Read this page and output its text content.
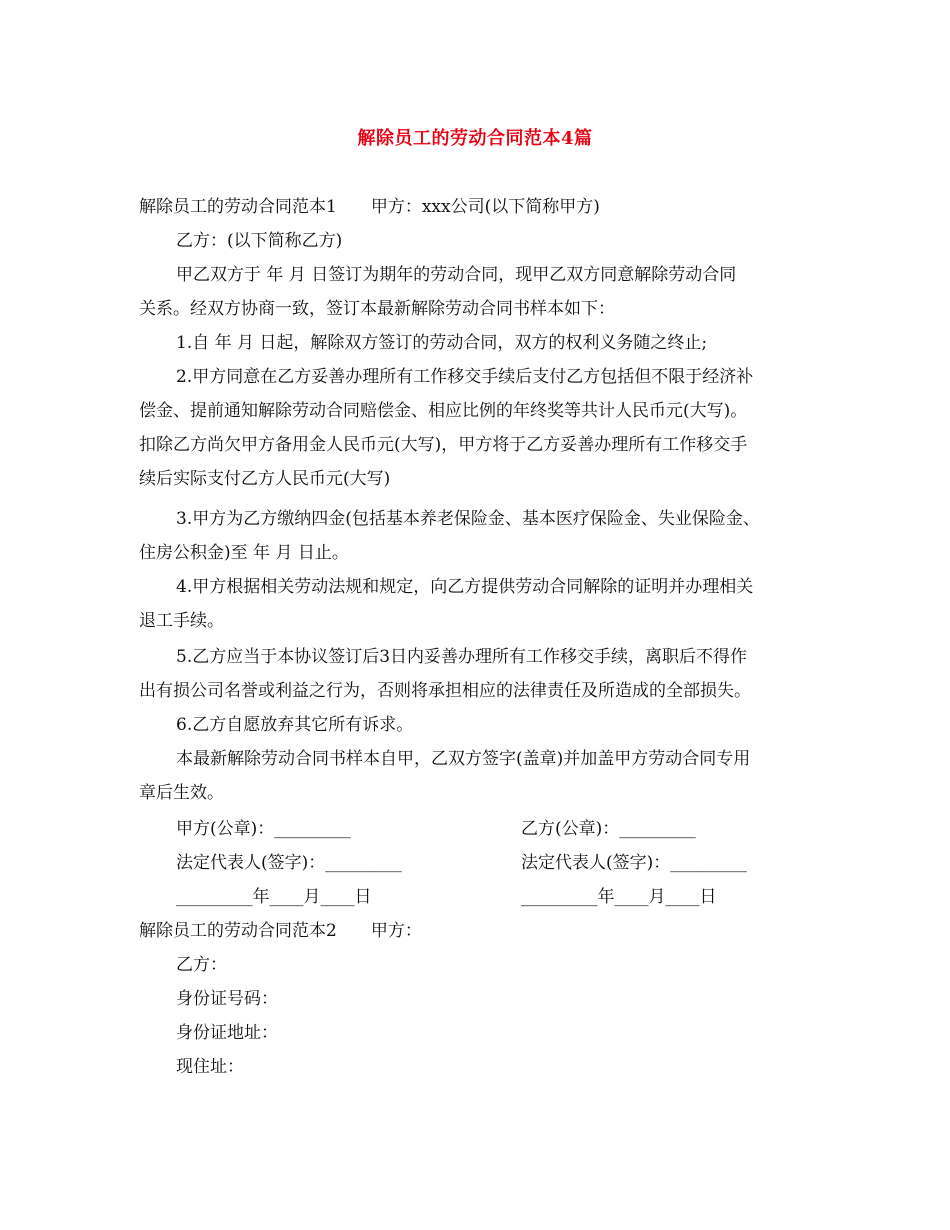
解除员工的劳动合同范本4篇
解除员工的劳动合同范本1 甲方：xxx公司(以下简称甲方)
乙方：(以下简称乙方)
甲乙双方于 年 月 日签订为期年的劳动合同，现甲乙双方同意解除劳动合同
关系。经双方协商一致，签订本最新解除劳动合同书样本如下：
1.自 年 月 日起，解除双方签订的劳动合同，双方的权利义务随之终止;
2.甲方同意在乙方妥善办理所有工作移交手续后支付乙方包括但不限于经济补
偿金、提前通知解除劳动合同赔偿金、相应比例的年终奖等共计人民币元(大写)。
扣除乙方尚欠甲方备用金人民币元(大写)，甲方将于乙方妥善办理所有工作移交手
续后实际支付乙方人民币元(大写)
3.甲方为乙方缴纳四金(包括基本养老保险金、基本医疗保险金、失业保险金、
住房公积金)至 年 月 日止。
4.甲方根据相关劳动法规和规定，向乙方提供劳动合同解除的证明并办理相关
退工手续。
5.乙方应当于本协议签订后3日内妥善办理所有工作移交手续，离职后不得作
出有损公司名誉或利益之行为，否则将承担相应的法律责任及所造成的全部损失。
6.乙方自愿放弃其它所有诉求。
本最新解除劳动合同书样本自甲，乙双方签字(盖章)并加盖甲方劳动合同专用
章后生效。
甲方(公章)：_________	乙方(公章)：_________
法定代表人(签字)：_________	法定代表人(签字)：_________
_________年____月____日	_________年____月____日
解除员工的劳动合同范本2 甲方：
乙方：
身份证号码：
身份证地址：
现住址：
